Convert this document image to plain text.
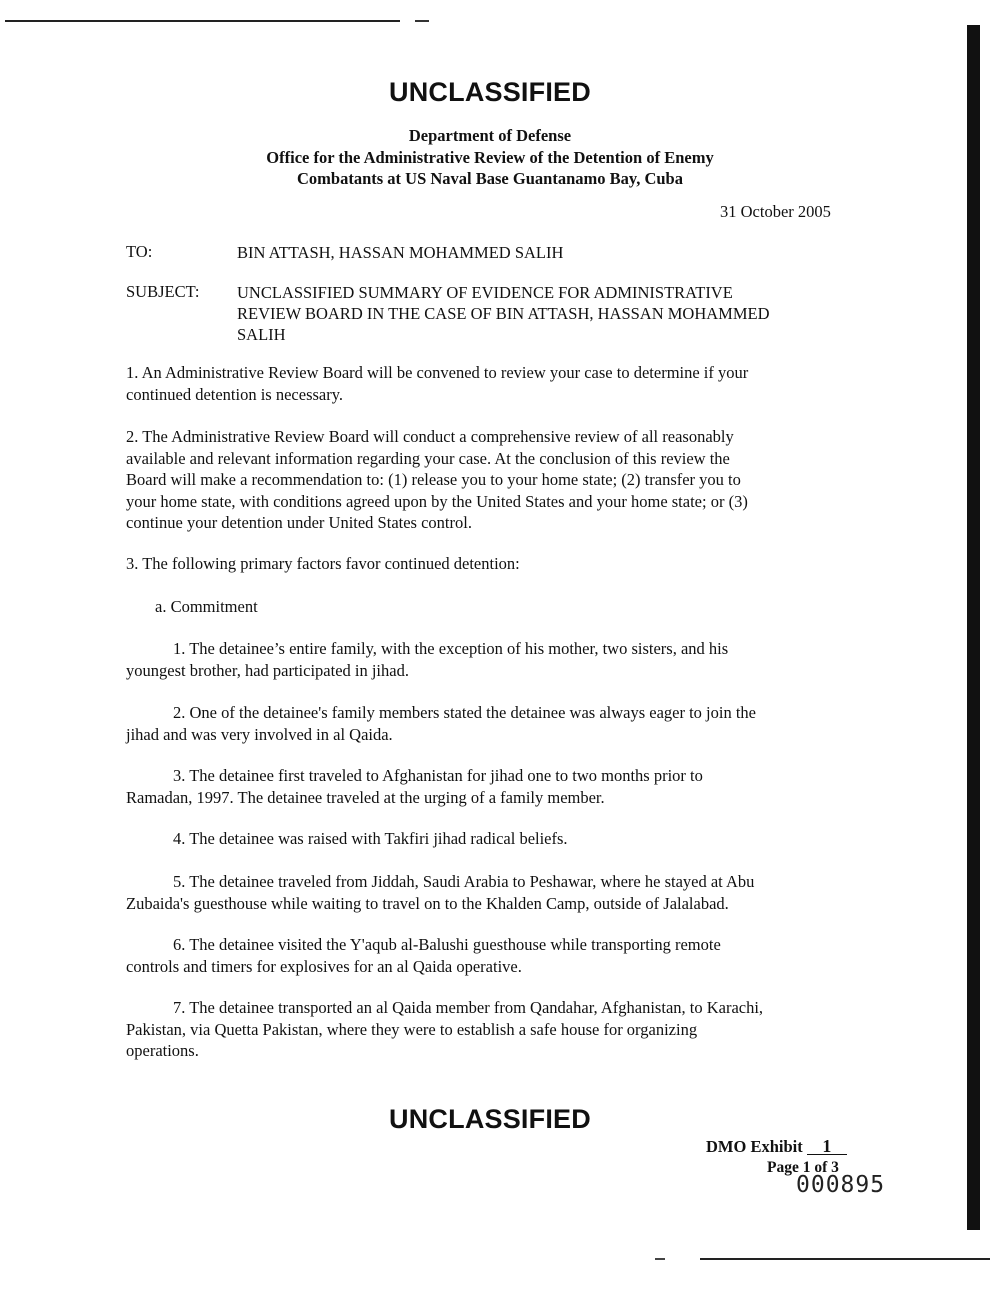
UNCLASSIFIED
Department of Defense
Office for the Administrative Review of the Detention of Enemy
Combatants at US Naval Base Guantanamo Bay, Cuba
31 October 2005
TO:	BIN ATTASH, HASSAN MOHAMMED SALIH
SUBJECT: UNCLASSIFIED SUMMARY OF EVIDENCE FOR ADMINISTRATIVE
REVIEW BOARD IN THE CASE OF BIN ATTASH, HASSAN MOHAMMED
SALIH
1. An Administrative Review Board will be convened to review your case to determine if your
continued detention is necessary.
2. The Administrative Review Board will conduct a comprehensive review of all reasonably
available and relevant information regarding your case. At the conclusion of this review the
Board will make a recommendation to: (1) release you to your home state; (2) transfer you to
your home state, with conditions agreed upon by the United States and your home state; or (3)
continue your detention under United States control.
3. The following primary factors favor continued detention:
a. Commitment
1. The detainee’s entire family, with the exception of his mother, two sisters, and his
youngest brother, had participated in jihad.
2. One of the detainee's family members stated the detainee was always eager to join the
jihad and was very involved in al Qaida.
3. The detainee first traveled to Afghanistan for jihad one to two months prior to
Ramadan, 1997. The detainee traveled at the urging of a family member.
4. The detainee was raised with Takfiri jihad radical beliefs.
5. The detainee traveled from Jiddah, Saudi Arabia to Peshawar, where he stayed at Abu
Zubaida's guesthouse while waiting to travel on to the Khalden Camp, outside of Jalalabad.
6. The detainee visited the Y'aqub al-Balushi guesthouse while transporting remote
controls and timers for explosives for an al Qaida operative.
7. The detainee transported an al Qaida member from Qandahar, Afghanistan, to Karachi,
Pakistan, via Quetta Pakistan, where they were to establish a safe house for organizing
operations.
UNCLASSIFIED
DMO Exhibit 1
Page 1 of 3
000895
